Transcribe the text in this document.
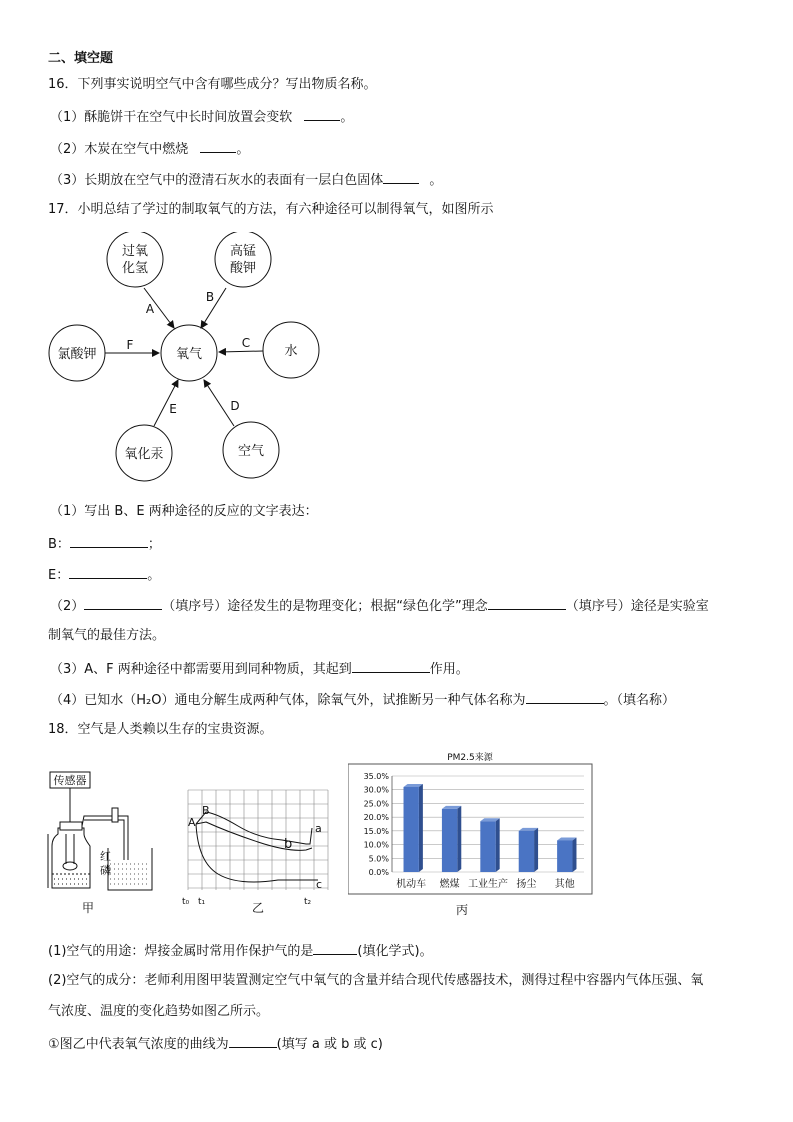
二、填空题
16．下列事实说明空气中含有哪些成分？写出物质名称。
（1）酥脆饼干在空气中长时间放置会变软	。
（2）木炭在空气中燃烧	。
（3）长期放在空气中的澄清石灰水的表面有一层白色固体	。
17．小明总结了学过的制取氧气的方法，有六种途径可以制得氧气，如图所示
过氧
化氢
高锰
酸钾
氧气
氯酸钾	水
氧化汞	空气
A
B
F	C
E	D
（1）写出 B、E 两种途径的反应的文字表达：
B：	；
E：	。
（2）	（填序号）途径发生的是物理变化；根据“绿色化学”理念	（填序号）途径是实验室
制氧气的最佳方法。
（3）A、F 两种途径中都需要用到同种物质，其起到	作用。
（4）已知水（H₂O）通电分解生成两种气体，除氧气外，试推断另一种气体名称为	。（填名称）
18．空气是人类赖以生存的宝贵资源。
传感器
红
磷
甲
A
B
a
b
c
t₀ t₁	t₂
乙
PM2.5来源
0.0%
5.0%
10.0%
15.0%
20.0%
25.0%
30.0%
35.0%
机动车 燃煤 工业生产 扬尘 其他
丙
(1)空气的用途：焊接金属时常用作保护气的是	(填化学式)。
(2)空气的成分：老师利用图甲装置测定空气中氧气的含量并结合现代传感器技术，测得过程中容器内气体压强、氧
气浓度、温度的变化趋势如图乙所示。
①图乙中代表氧气浓度的曲线为	(填写 a 或 b 或 c)
